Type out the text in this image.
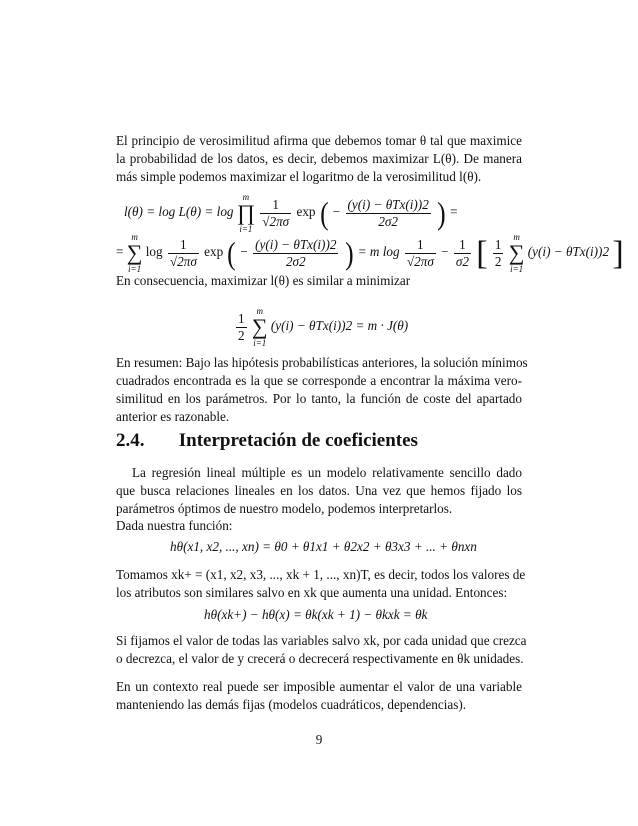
El principio de verosimilitud afirma que debemos tomar θ tal que maximice
la probabilidad de los datos, es decir, debemos maximizar L(θ). De manera
más simple podemos maximizar el logaritmo de la verosimilitud l(θ).
l(θ) = log L(θ) = log
m
∏
i=1
$\frac{1}{√2\pi\sigma}$ exp ( − $\frac{\text{(y(i) − θTx(i))2}}{2\sigma 2}$ ) =
=
m
∑
i=1
$\log \frac{1}{√2\pi\sigma}$ exp ( − $\frac{\text{(y(i) − θTx(i))2}}{2\sigma 2}$ ) = m $\log \frac{1}{√2\pi\sigma} - \frac{1}{\sigma 2}$ [ $\frac{1}{2}$
	m
∑
i=1
(y(i) − θTx(i))2 ]
En consecuencia, maximizar l(θ) es similar a minimizar
$\frac{1}{2}$
	m
∑
i=1
(y(i) − θTx(i))2 = m · J(θ)
En resumen: Bajo las hipótesis probabilísticas anteriores, la solución mínimos
cuadrados encontrada es la que se corresponde a encontrar la máxima vero-
similitud en los parámetros. Por lo tanto, la función de coste del apartado
anterior es razonable.
2.4. Interpretación de coeficientes
La regresión lineal múltiple es un modelo relativamente sencillo dado
que busca relaciones lineales en los datos. Una vez que hemos fijado los
parámetros óptimos de nuestro modelo, podemos interpretarlos.
Dada nuestra función:
hθ(x1, x2, ..., xn) = θ0 + θ1x1 + θ2x2 + θ3x3 + ... + θnxn
Tomamos xk+ = (x1, x2, x3, ..., xk + 1, ..., xn)T, es decir, todos los valores de
los atributos son similares salvo en xk que aumenta una unidad. Entonces:
hθ(xk+) − hθ(x) = θk(xk + 1) − θkxk = θk
Si fijamos el valor de todas las variables salvo xk, por cada unidad que crezca
o decrezca, el valor de y crecerá o decrecerá respectivamente en θk unidades.
En un contexto real puede ser imposible aumentar el valor de una variable
manteniendo las demás fijas (modelos cuadráticos, dependencias).
9
